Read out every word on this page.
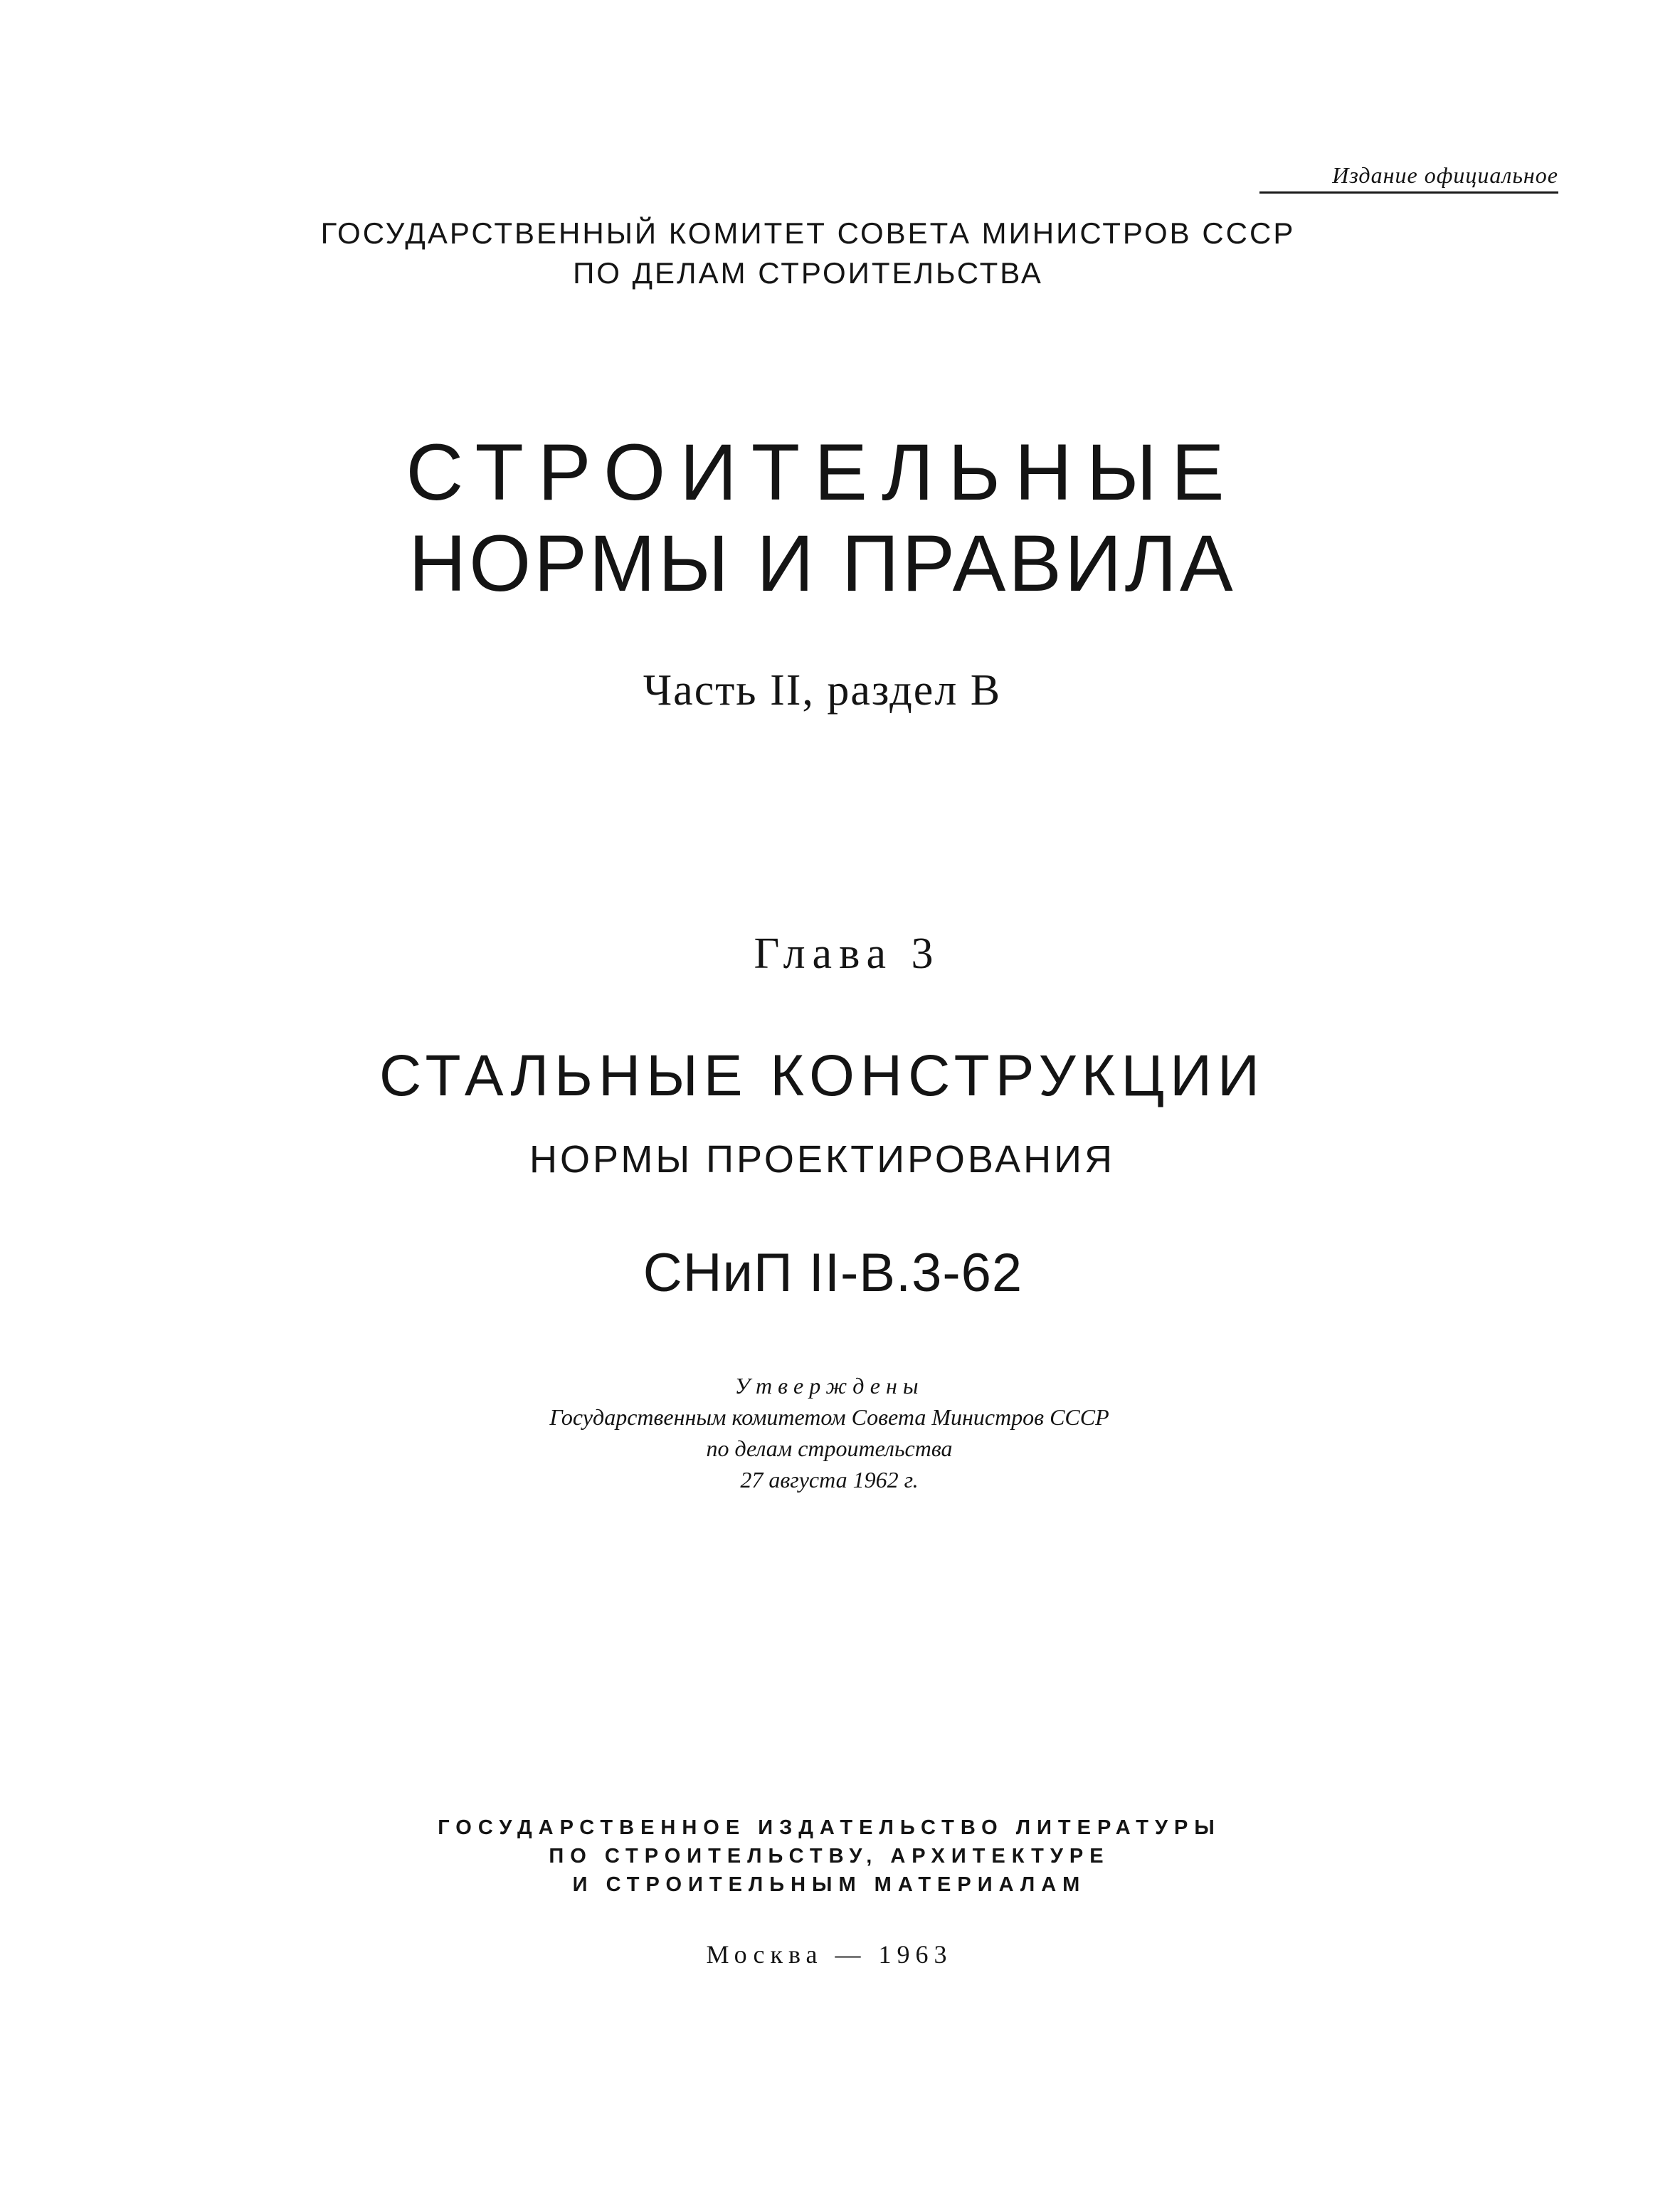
Издание официальное
ГОСУДАРСТВЕННЫЙ КОМИТЕТ СОВЕТА МИНИСТРОВ СССР
ПО ДЕЛАМ СТРОИТЕЛЬСТВА
СТРОИТЕЛЬНЫЕ
НОРМЫ И ПРАВИЛА
Часть II, раздел В
Глава 3
СТАЛЬНЫЕ КОНСТРУКЦИИ
НОРМЫ ПРОЕКТИРОВАНИЯ
СНиП II-В.3-62
Утверждены
Государственным комитетом Совета Министров СССР
по делам строительства
27 августа 1962 г.
ГОСУДАРСТВЕННОЕ ИЗДАТЕЛЬСТВО ЛИТЕРАТУРЫ
ПО СТРОИТЕЛЬСТВУ, АРХИТЕКТУРЕ
И СТРОИТЕЛЬНЫМ МАТЕРИАЛАМ
Москва — 1963
